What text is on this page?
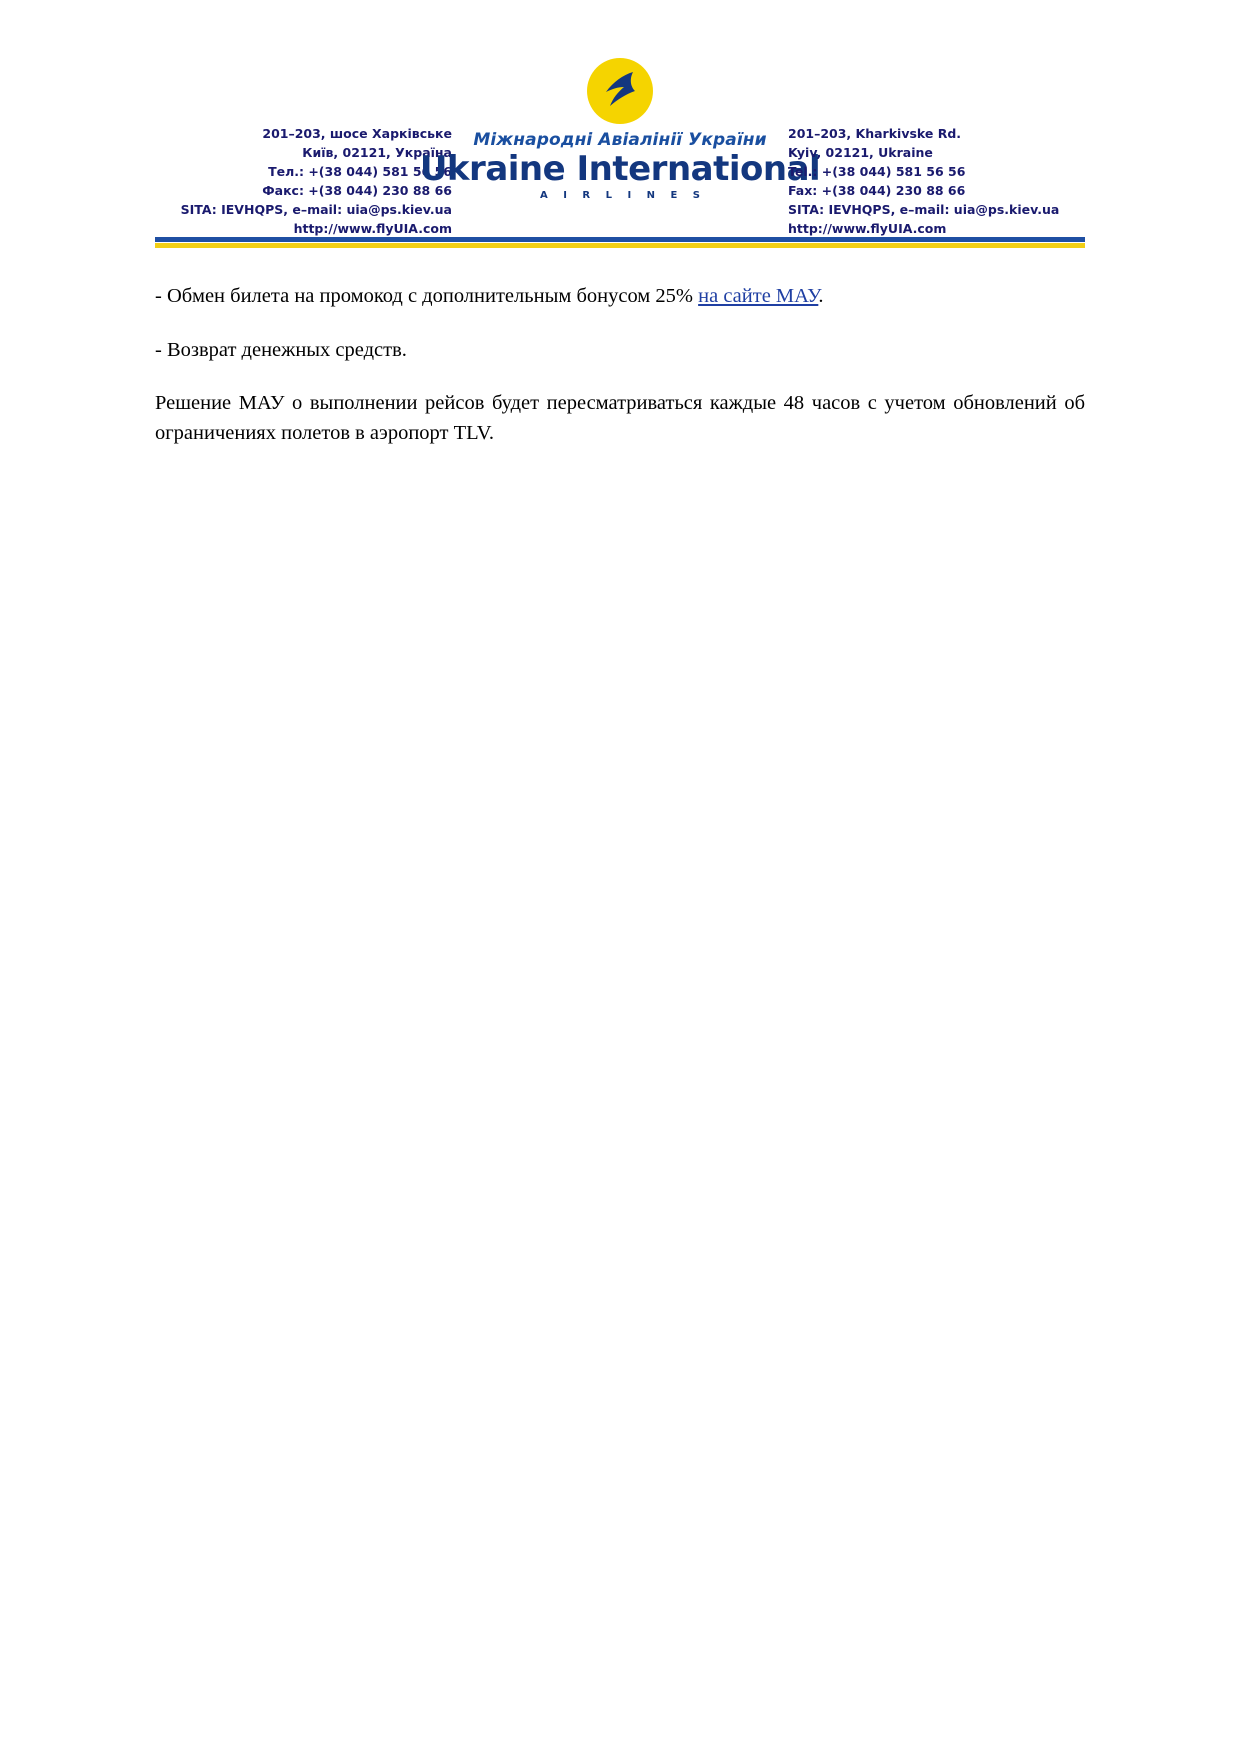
201–203, шосе Харківське
Київ, 02121, Україна
Тел.: +(38 044) 581 56 56
Факс: +(38 044) 230 88 66
SITA: IEVHQPS, e–mail: uia@ps.kiev.ua
http://www.flyUIA.com
Міжнародні Авіалінії України
Ukraine International
A I R L I N E S
201–203, Kharkivske Rd.
Kyiv, 02121, Ukraine
Tel.: +(38 044) 581 56 56
Fax: +(38 044) 230 88 66
SITA: IEVHQPS, e–mail: uia@ps.kiev.ua
http://www.flyUIA.com

- Обмен билета на промокод с дополнительным бонусом 25% на сайте МАУ.

- Возврат денежных средств.

Решение МАУ о выполнении рейсов будет пересматриваться каждые 48 часов с учетом обновлений об ограничениях полетов в аэропорт TLV.
